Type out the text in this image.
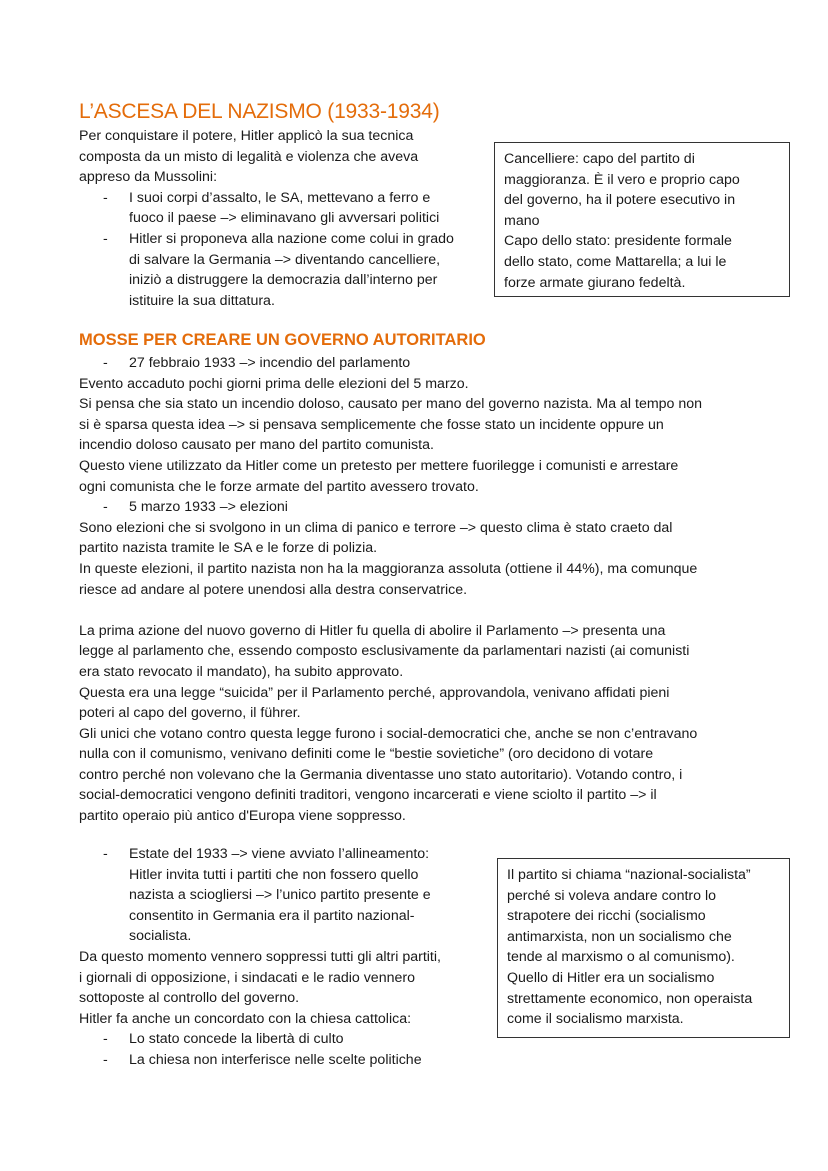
L’ASCESA DEL NAZISMO (1933-1934)

Per conquistare il potere, Hitler applicò la sua tecnica

composta da un misto di legalità e violenza che aveva

appreso da Mussolini:

- I suoi corpi d’assalto, le SA, mettevano a ferro e
fuoco il paese –> eliminavano gli avversari politici
- Hitler si proponeva alla nazione come colui in grado
di salvare la Germania –> diventando cancelliere,
iniziò a distruggere la democrazia dall’interno per
istituire la sua dittatura.

Cancelliere: capo del partito di

maggioranza. È il vero e proprio capo

del governo, ha il potere esecutivo in

mano

Capo dello stato: presidente formale

dello stato, come Mattarella; a lui le

forze armate giurano fedeltà.

MOSSE PER CREARE UN GOVERNO AUTORITARIO
- 27 febbraio 1933 –> incendio del parlamento

Evento accaduto pochi giorni prima delle elezioni del 5 marzo.

Si pensa che sia stato un incendio doloso, causato per mano del governo nazista. Ma al tempo non

si è sparsa questa idea –> si pensava semplicemente che fosse stato un incidente oppure un

incendio doloso causato per mano del partito comunista.

Questo viene utilizzato da Hitler come un pretesto per mettere fuorilegge i comunisti e arrestare

ogni comunista che le forze armate del partito avessero trovato.

- 5 marzo 1933 –> elezioni

Sono elezioni che si svolgono in un clima di panico e terrore –> questo clima è stato craeto dal

partito nazista tramite le SA e le forze di polizia.

In queste elezioni, il partito nazista non ha la maggioranza assoluta (ottiene il 44%), ma comunque

riesce ad andare al potere unendosi alla destra conservatrice.

La prima azione del nuovo governo di Hitler fu quella di abolire il Parlamento –> presenta una

legge al parlamento che, essendo composto esclusivamente da parlamentari nazisti (ai comunisti

era stato revocato il mandato), ha subito approvato.

Questa era una legge “suicida” per il Parlamento perché, approvandola, venivano affidati pieni

poteri al capo del governo, il führer.

Gli unici che votano contro questa legge furono i social-democratici che, anche se non c’entravano

nulla con il comunismo, venivano definiti come le “bestie sovietiche” (oro decidono di votare

contro perché non volevano che la Germania diventasse uno stato autoritario). Votando contro, i

social-democratici vengono definiti traditori, vengono incarcerati e viene sciolto il partito –> il

partito operaio più antico d'Europa viene soppresso.

- Estate del 1933 –> viene avviato l’allineamento:
Hitler invita tutti i partiti che non fossero quello
nazista a sciogliersi –> l’unico partito presente e
consentito in Germania era il partito nazional-
socialista.

Da questo momento vennero soppressi tutti gli altri partiti,

i giornali di opposizione, i sindacati e le radio vennero

sottoposte al controllo del governo.

Hitler fa anche un concordato con la chiesa cattolica:

- Lo stato concede la libertà di culto
- La chiesa non interferisce nelle scelte politiche

Il partito si chiama “nazional-socialista”

perché si voleva andare contro lo

strapotere dei ricchi (socialismo

antimarxista, non un socialismo che

tende al marxismo o al comunismo).

Quello di Hitler era un socialismo

strettamente economico, non operaista

come il socialismo marxista.
